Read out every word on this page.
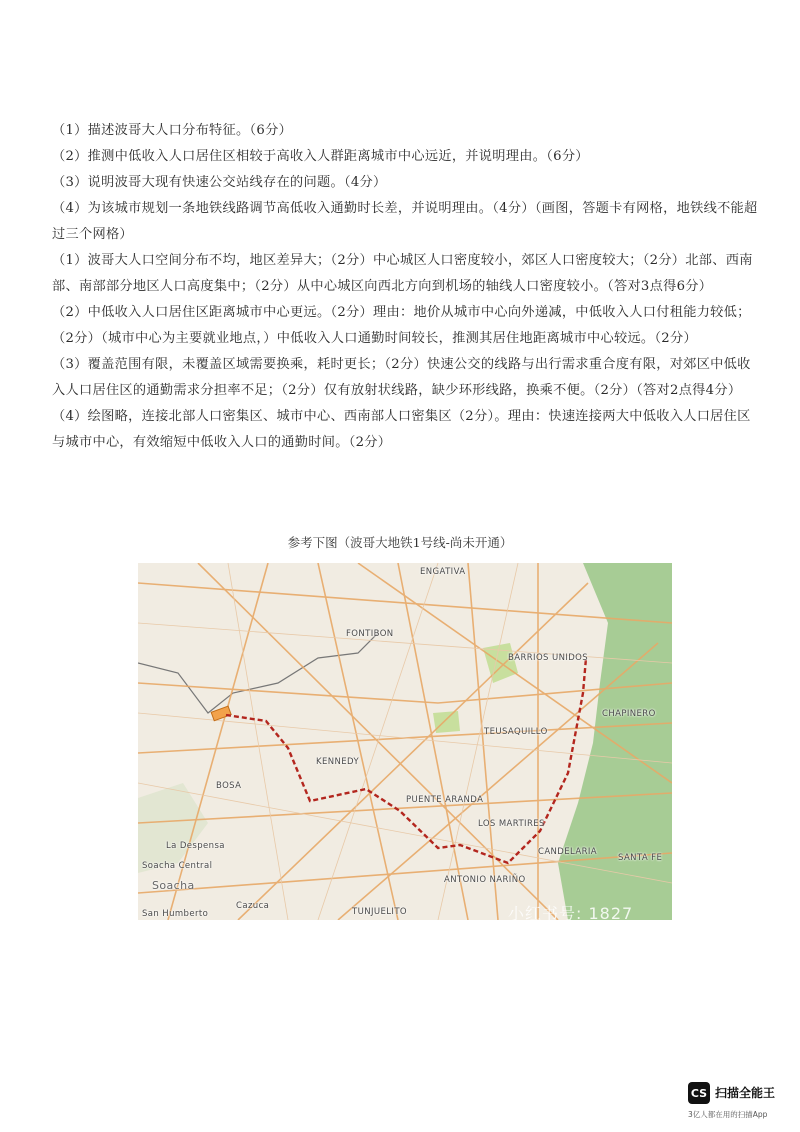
（1）描述波哥大人口分布特征。（6分）

（2）推测中低收入人口居住区相较于高收入人群距离城市中心远近，并说明理由。（6分）

（3）说明波哥大现有快速公交站线存在的问题。（4分）

（4）为该城市规划一条地铁线路调节高低收入通勤时长差，并说明理由。（4分）（画图，答题卡有网格，地铁线不能超过三个网格）

（1）波哥大人口空间分布不均，地区差异大；（2分）中心城区人口密度较小，郊区人口密度较大；（2分）北部、西南部、南部部分地区人口高度集中；（2分）从中心城区向西北方向到机场的轴线人口密度较小。（答对3点得6分）

（2）中低收入人口居住区距离城市中心更远。（2分）理由：地价从城市中心向外递减，中低收入人口付租能力较低；（2分）（城市中心为主要就业地点，）中低收入人口通勤时间较长，推测其居住地距离城市中心较远。（2分）

（3）覆盖范围有限，未覆盖区域需要换乘，耗时更长；（2分）快速公交的线路与出行需求重合度有限，对郊区中低收入人口居住区的通勤需求分担率不足；（2分）仅有放射状线路，缺少环形线路，换乘不便。（2分）（答对2点得4分）

（4）绘图略，连接北部人口密集区、城市中心、西南部人口密集区（2分）。理由：快速连接两大中低收入人口居住区与城市中心，有效缩短中低收入人口的通勤时间。（2分）

参考下图（波哥大地铁1号线-尚未开通）
ENGATIVA
FONTIBON
BARRIOS UNIDOS
CHAPINERO
TEUSAQUILLO
KENNEDY
BOSA
PUENTE ARANDA
LOS MARTIRES
CANDELARIA
SANTA FE
ANTONIO NARIÑO
TUNJUELITO
La Despensa
Soacha Central
Soacha
San Humberto
Cazuca	小红书号: 1827
CS 扫描全能王
3亿人都在用的扫描App
